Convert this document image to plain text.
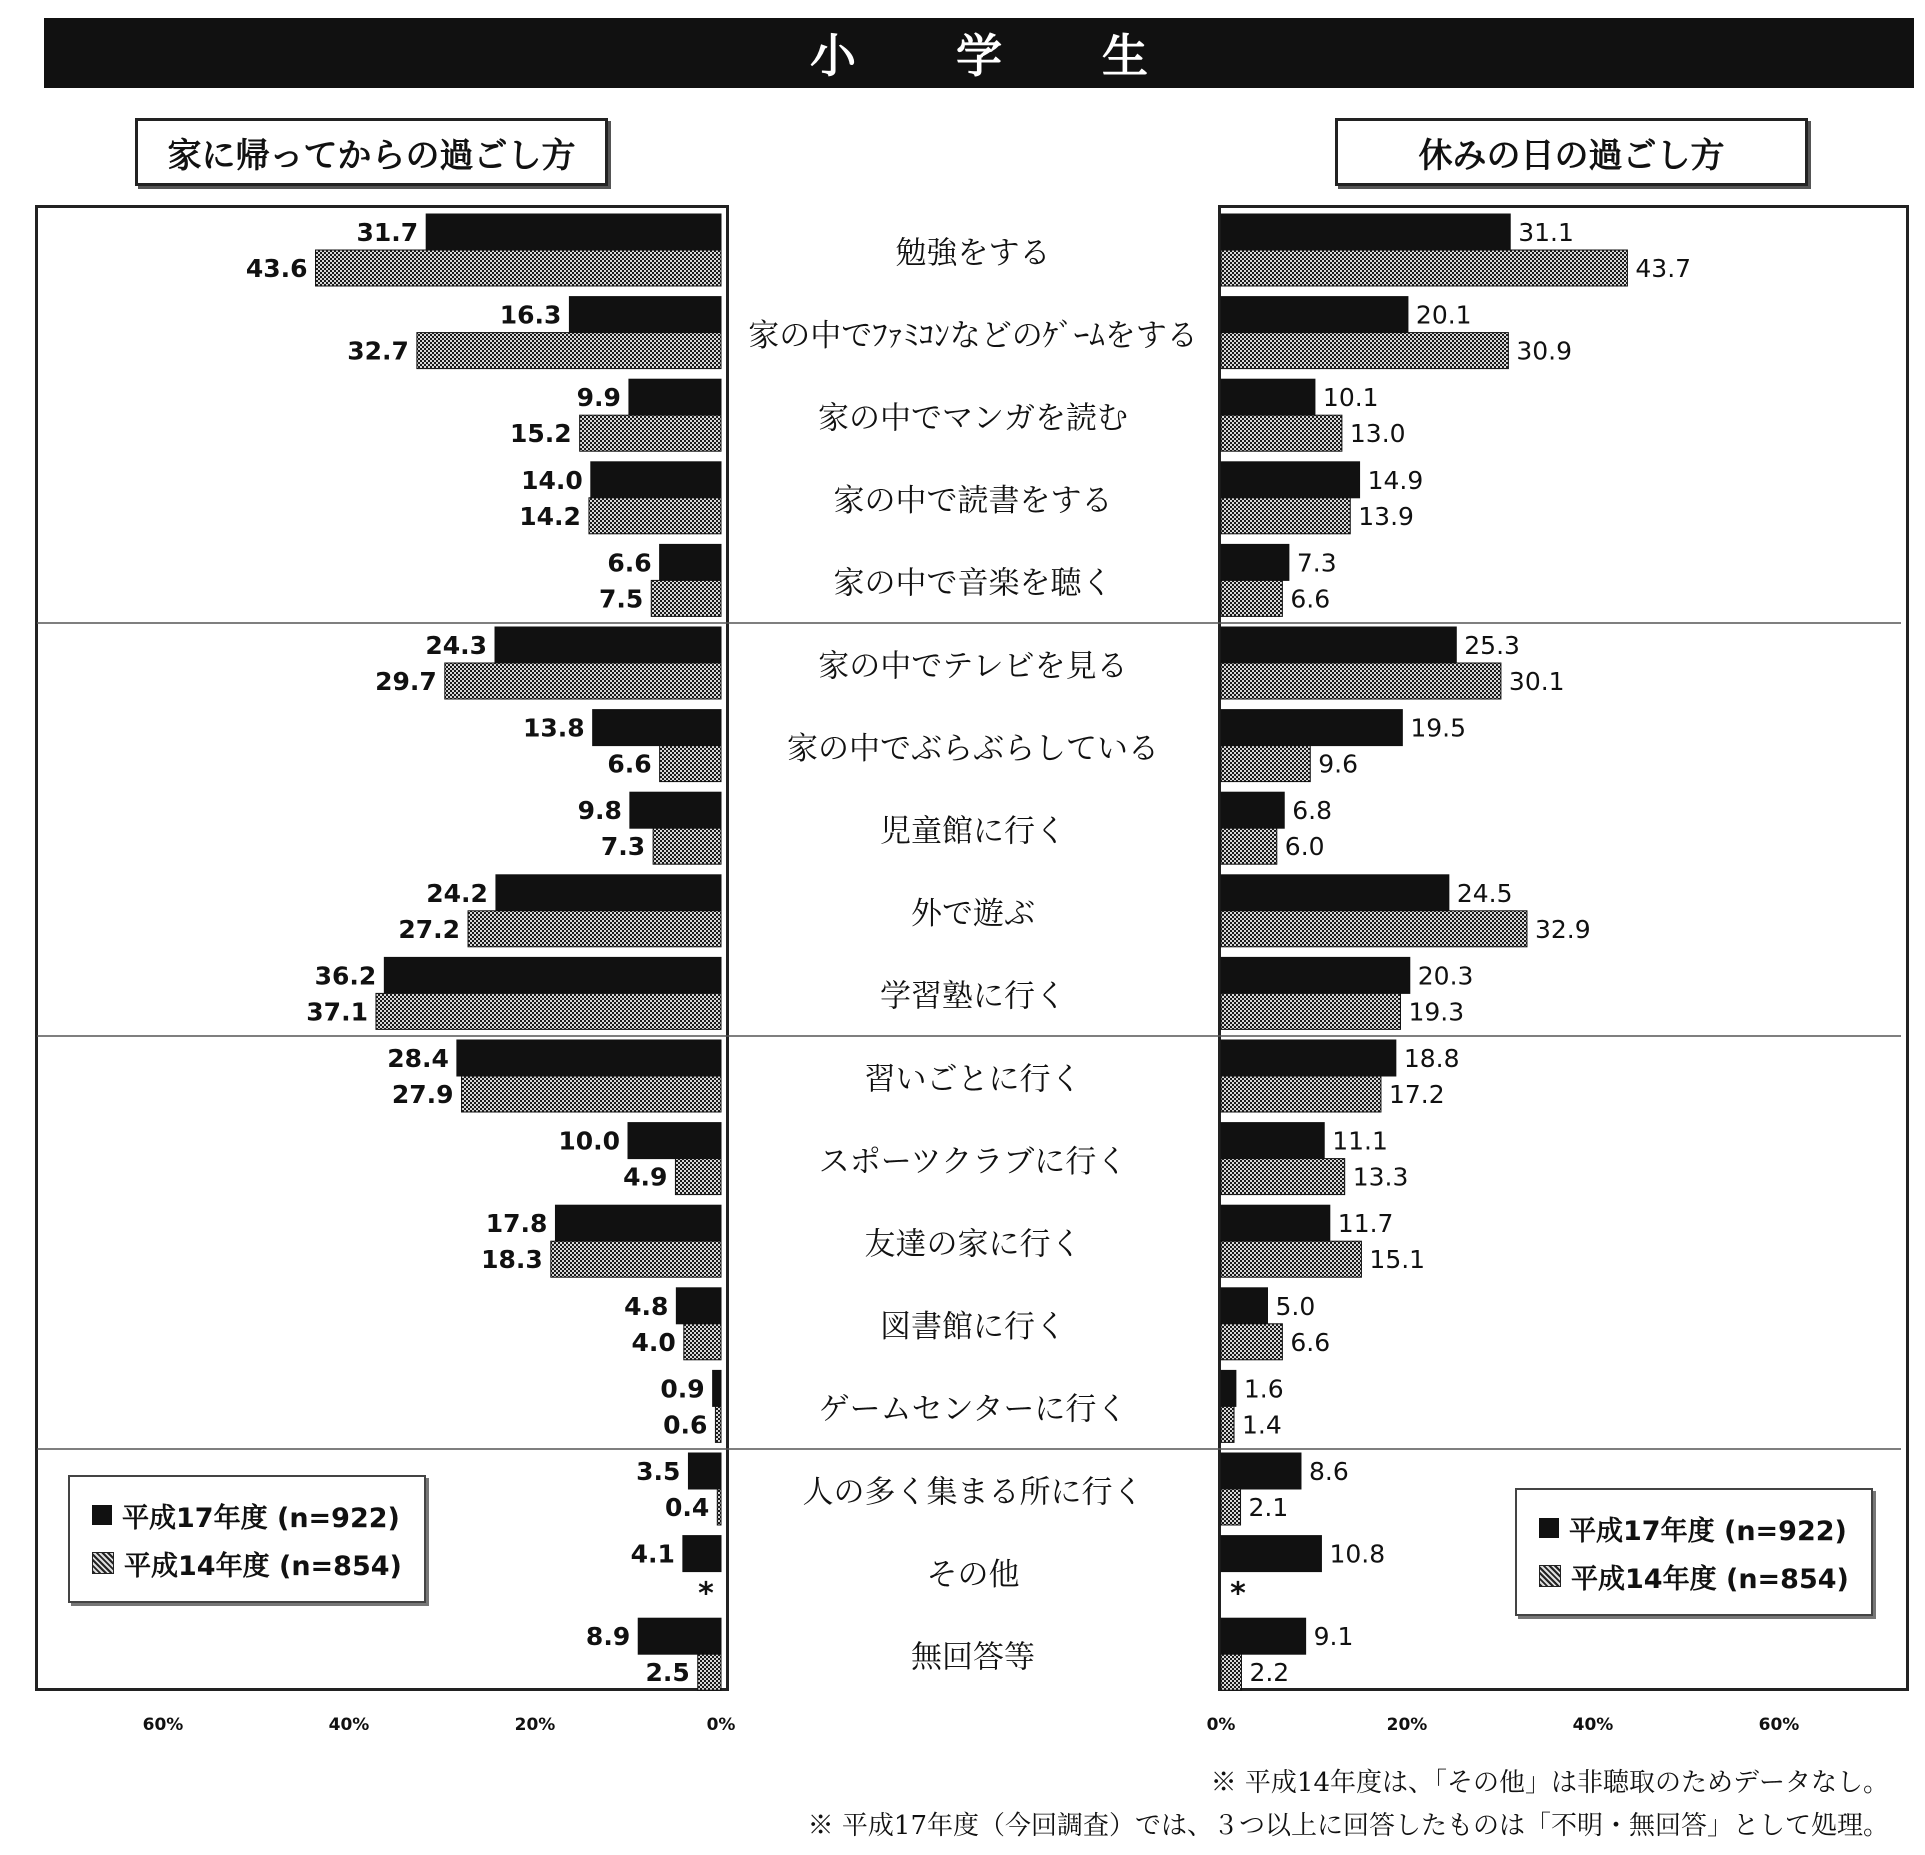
小 学 生
家に帰ってからの過ごし方	休みの日の過ごし方
勉強をする
31.7	31.1
43.6	43.7
家の中でﾌｧﾐｺﾝなどのｹﾞｰﾑをする
16.3	20.1
32.7	30.9
家の中でマンガを読む
9.9	10.1
15.2	13.0
家の中で読書をする
14.0	14.9
14.2	13.9
家の中で音楽を聴く
6.6	7.3
7.5	6.6
家の中でテレビを見る
24.3	25.3
29.7	30.1
家の中でぶらぶらしている
13.8	19.5
6.6	9.6
児童館に行く
9.8	6.8
7.3	6.0
外で遊ぶ
24.2	24.5
27.2	32.9
学習塾に行く
36.2	20.3
37.1	19.3
習いごとに行く
28.4	18.8
27.9	17.2
スポーツクラブに行く
10.0	11.1
4.9	13.3
友達の家に行く
17.8	11.7
18.3	15.1
図書館に行く
4.8	5.0
4.0	6.6
ゲームセンターに行く
0.9	1.6
0.6	1.4
人の多く集まる所に行く
3.5	8.6
0.4	2.1
その他
4.1	10.8
*	*
無回答等
8.9	9.1
2.5	2.2
60%	40%	20%	0%	0%	20%	40%	60%
平成17年度 (n=922)
平成14年度 (n=854)
平成17年度 (n=922)
平成14年度 (n=854)
※ 平成14年度は、「その他」は非聴取のためデータなし。
※ 平成17年度（今回調査）では、３つ以上に回答したものは「不明・無回答」として処理。
